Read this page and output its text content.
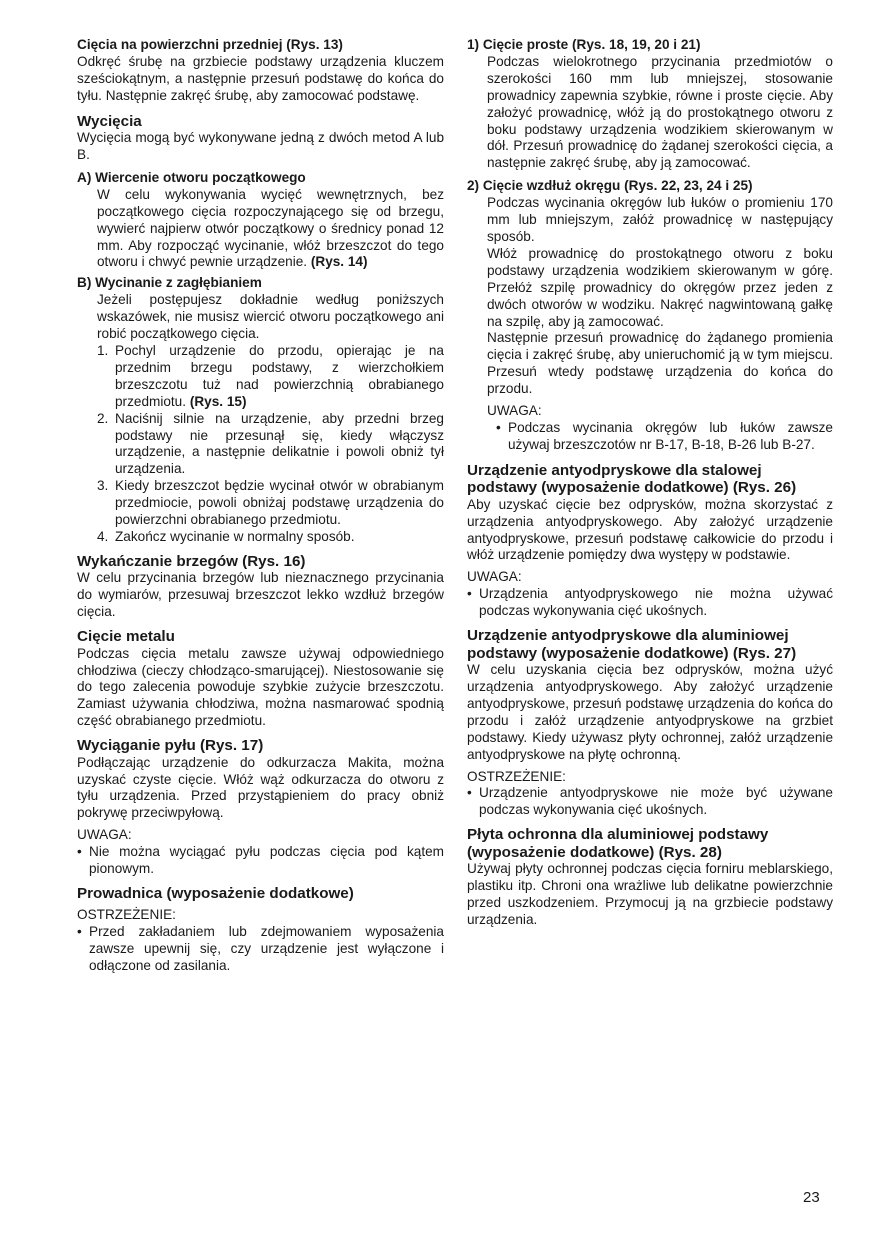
Cięcia na powierzchni przedniej (Rys. 13)

Odkręć śrubę na grzbiecie podstawy urządzenia kluczem sześciokątnym, a następnie przesuń podstawę do końca do tyłu. Następnie zakręć śrubę, aby zamocować podstawę.

Wycięcia

Wycięcia mogą być wykonywane jedną z dwóch metod A lub B.

A) Wiercenie otworu początkowego

W celu wykonywania wycięć wewnętrznych, bez początkowego cięcia rozpoczynającego się od brzegu, wywierć najpierw otwór początkowy o średnicy ponad 12 mm. Aby rozpocząć wycinanie, włóż brzeszczot do tego otworu i chwyć pewnie urządzenie. (Rys. 14)

B) Wycinanie z zagłębianiem

Jeżeli postępujesz dokładnie według poniższych wskazówek, nie musisz wiercić otworu początkowego ani robić początkowego cięcia.

1. Pochyl urządzenie do przodu, opierając je na przednim brzegu podstawy, z wierzchołkiem brzeszczotu tuż nad powierzchnią obrabianego przedmiotu. (Rys. 15)
2. Naciśnij silnie na urządzenie, aby przedni brzeg podstawy nie przesunął się, kiedy włączysz urządzenie, a następnie delikatnie i powoli obniż tył urządzenia.
3. Kiedy brzeszczot będzie wycinał otwór w obrabianym przedmiocie, powoli obniżaj podstawę urządzenia do powierzchni obrabianego przedmiotu.
4. Zakończ wycinanie w normalny sposób.
Wykańczanie brzegów (Rys. 16)

W celu przycinania brzegów lub nieznacznego przycinania do wymiarów, przesuwaj brzeszczot lekko wzdłuż brzegów cięcia.

Cięcie metalu

Podczas cięcia metalu zawsze używaj odpowiedniego chłodziwa (cieczy chłodząco-smarującej). Niestosowanie się do tego zalecenia powoduje szybkie zużycie brzeszczotu. Zamiast używania chłodziwa, można nasmarować spodnią część obrabianego przedmiotu.

Wyciąganie pyłu (Rys. 17)

Podłączając urządzenie do odkurzacza Makita, można uzyskać czyste cięcie. Włóż wąż odkurzacza do otworu z tyłu urządzenia. Przed przystąpieniem do pracy obniż pokrywę przeciwpyłową.

UWAGA:

• Nie można wyciągać pyłu podczas cięcia pod kątem pionowym.
Prowadnica (wyposażenie dodatkowe)

OSTRZEŻENIE:

• Przed zakładaniem lub zdejmowaniem wyposażenia zawsze upewnij się, czy urządzenie jest wyłączone i odłączone od zasilania.
1) Cięcie proste (Rys. 18, 19, 20 i 21)

Podczas wielokrotnego przycinania przedmiotów o szerokości 160 mm lub mniejszej, stosowanie prowadnicy zapewnia szybkie, równe i proste cięcie. Aby założyć prowadnicę, włóż ją do prostokątnego otworu z boku podstawy urządzenia wodzikiem skierowanym w dół. Przesuń prowadnicę do żądanej szerokości cięcia, a następnie zakręć śrubę, aby ją zamocować.

2) Cięcie wzdłuż okręgu (Rys. 22, 23, 24 i 25)

Podczas wycinania okręgów lub łuków o promieniu 170 mm lub mniejszym, załóż prowadnicę w następujący sposób.

Włóż prowadnicę do prostokątnego otworu z boku podstawy urządzenia wodzikiem skierowanym w górę. Przełóż szpilę prowadnicy do okręgów przez jeden z dwóch otworów w wodziku. Nakręć nagwintowaną gałkę na szpilę, aby ją zamocować.

Następnie przesuń prowadnicę do żądanego promienia cięcia i zakręć śrubę, aby unieruchomić ją w tym miejscu. Przesuń wtedy podstawę urządzenia do końca do przodu.

UWAGA:

• Podczas wycinania okręgów lub łuków zawsze używaj brzeszczotów nr B-17, B-18, B-26 lub B-27.
Urządzenie antyodpryskowe dla stalowej podstawy (wyposażenie dodatkowe) (Rys. 26)

Aby uzyskać cięcie bez odprysków, można skorzystać z urządzenia antyodpryskowego. Aby założyć urządzenie antyodpryskowe, przesuń podstawę całkowicie do przodu i włóż urządzenie pomiędzy dwa występy w podstawie.

UWAGA:

• Urządzenia antyodpryskowego nie można używać podczas wykonywania cięć ukośnych.
Urządzenie antyodpryskowe dla aluminiowej podstawy (wyposażenie dodatkowe) (Rys. 27)

W celu uzyskania cięcia bez odprysków, można użyć urządzenia antyodpryskowego. Aby założyć urządzenie antyodpryskowe, przesuń podstawę urządzenia do końca do przodu i załóż urządzenie antyodpryskowe na grzbiet podstawy. Kiedy używasz płyty ochronnej, załóż urządzenie antyodpryskowe na płytę ochronną.

OSTRZEŻENIE:

• Urządzenie antyodpryskowe nie może być używane podczas wykonywania cięć ukośnych.
Płyta ochronna dla aluminiowej podstawy (wyposażenie dodatkowe) (Rys. 28)

Używaj płyty ochronnej podczas cięcia forniru meblarskiego, plastiku itp. Chroni ona wrażliwe lub delikatne powierzchnie przed uszkodzeniem. Przymocuj ją na grzbiecie podstawy urządzenia.

23
